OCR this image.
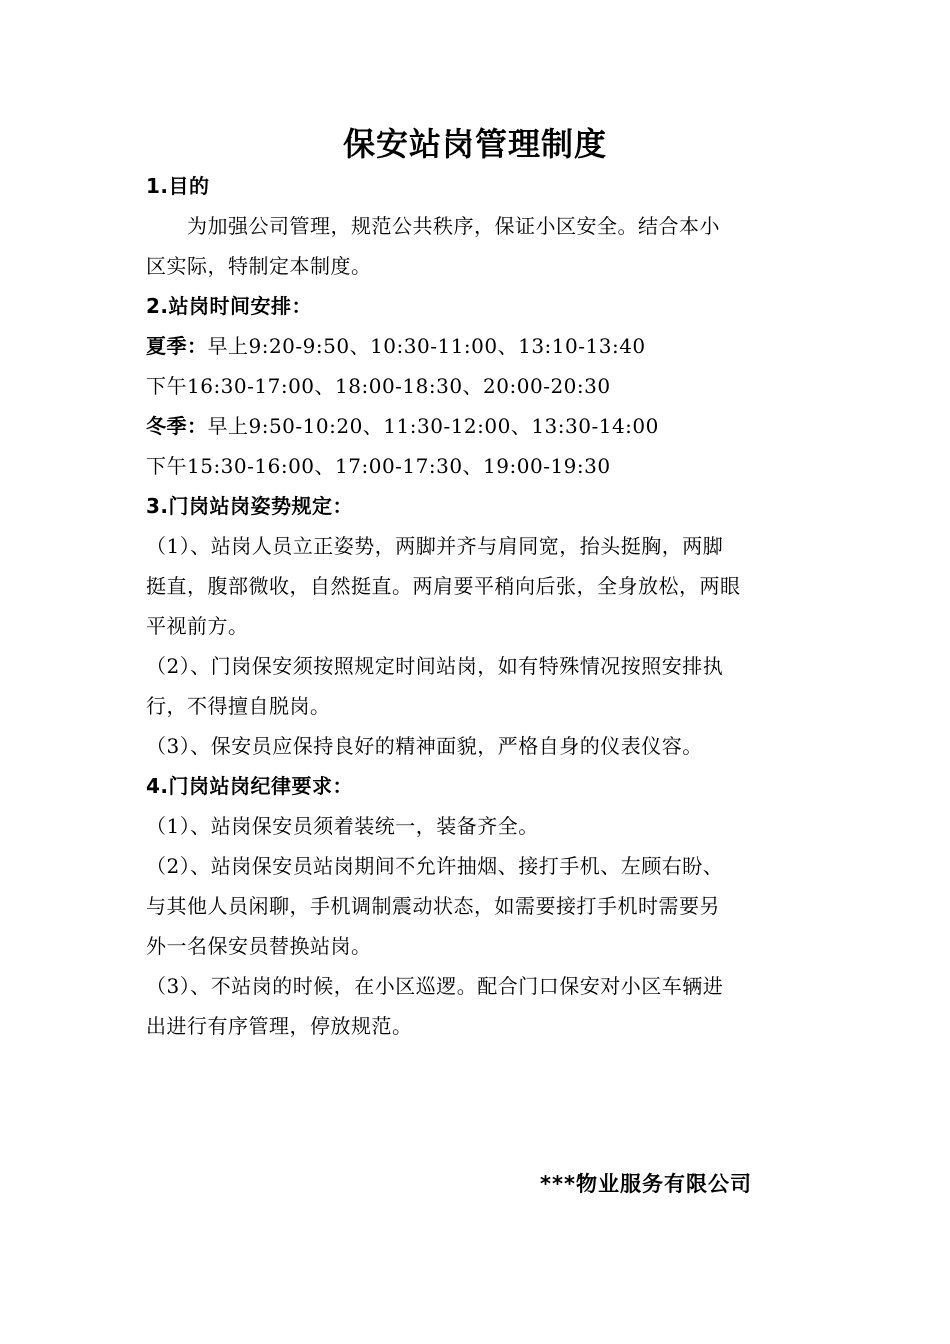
保安站岗管理制度
1.目的
　　为加强公司管理，规范公共秩序，保证小区安全。结合本小
区实际，特制定本制度。
2.站岗时间安排：
夏季：早上9:20-9:50、10:30-11:00、13:10-13:40
下午16:30-17:00、18:00-18:30、20:00-20:30
冬季：早上9:50-10:20、11:30-12:00、13:30-14:00
下午15:30-16:00、17:00-17:30、19:00-19:30
3.门岗站岗姿势规定：
（1）、站岗人员立正姿势，两脚并齐与肩同宽，抬头挺胸，两脚
挺直，腹部微收，自然挺直。两肩要平稍向后张，全身放松，两眼
平视前方。
（2）、门岗保安须按照规定时间站岗，如有特殊情况按照安排执
行，不得擅自脱岗。
（3）、保安员应保持良好的精神面貌，严格自身的仪表仪容。
4.门岗站岗纪律要求：
（1）、站岗保安员须着装统一，装备齐全。
（2）、站岗保安员站岗期间不允许抽烟、接打手机、左顾右盼、
与其他人员闲聊，手机调制震动状态，如需要接打手机时需要另
外一名保安员替换站岗。
（3）、不站岗的时候，在小区巡逻。配合门口保安对小区车辆进
出进行有序管理，停放规范。
***物业服务有限公司
